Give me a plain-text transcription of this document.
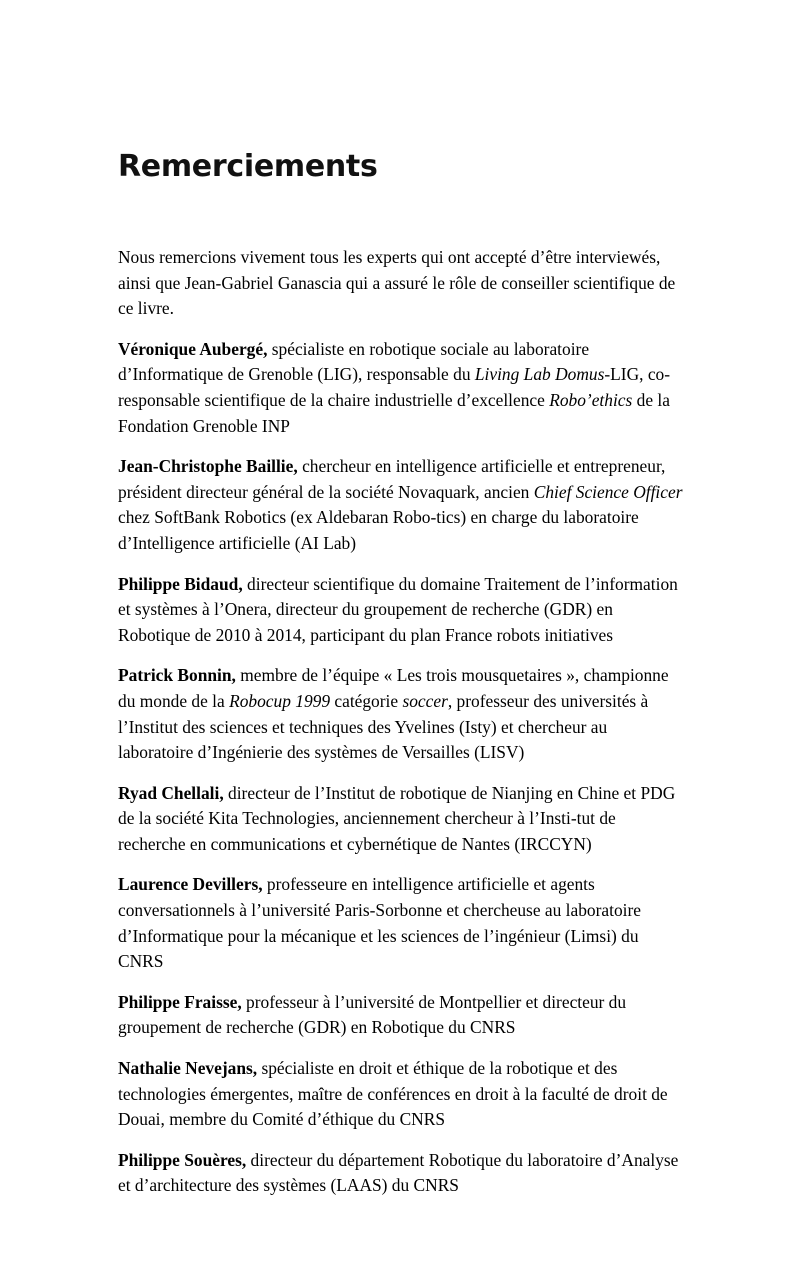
Remerciements

Nous remercions vivement tous les experts qui ont accepté d’être interviewés, ainsi que Jean-Gabriel Ganascia qui a assuré le rôle de conseiller scientifique de ce livre.

Véronique Aubergé, spécialiste en robotique sociale au laboratoire d’Informatique de Grenoble (LIG), responsable du Living Lab Domus-LIG, co-responsable scientifique de la chaire industrielle d’excellence Robo’ethics de la Fondation Grenoble INP

Jean-Christophe Baillie, chercheur en intelligence artificielle et entrepreneur, président directeur général de la société Novaquark, ancien Chief Science Officer chez SoftBank Robotics (ex Aldebaran Robo-tics) en charge du laboratoire d’Intelligence artificielle (AI Lab)

Philippe Bidaud, directeur scientifique du domaine Traitement de l’information et systèmes à l’Onera, directeur du groupement de recherche (GDR) en Robotique de 2010 à 2014, participant du plan France robots initiatives

Patrick Bonnin, membre de l’équipe « Les trois mousquetaires », championne du monde de la Robocup 1999 catégorie soccer, professeur des universités à l’Institut des sciences et techniques des Yvelines (Isty) et chercheur au laboratoire d’Ingénierie des systèmes de Versailles (LISV)

Ryad Chellali, directeur de l’Institut de robotique de Nianjing en Chine et PDG de la société Kita Technologies, anciennement chercheur à l’Insti-tut de recherche en communications et cybernétique de Nantes (IRCCYN)

Laurence Devillers, professeure en intelligence artificielle et agents conversationnels à l’université Paris-Sorbonne et chercheuse au laboratoire d’Informatique pour la mécanique et les sciences de l’ingénieur (Limsi) du CNRS

Philippe Fraisse, professeur à l’université de Montpellier et directeur du groupement de recherche (GDR) en Robotique du CNRS

Nathalie Nevejans, spécialiste en droit et éthique de la robotique et des technologies émergentes, maître de conférences en droit à la faculté de droit de Douai, membre du Comité d’éthique du CNRS

Philippe Souères, directeur du département Robotique du laboratoire d’Analyse et d’architecture des systèmes (LAAS) du CNRS
